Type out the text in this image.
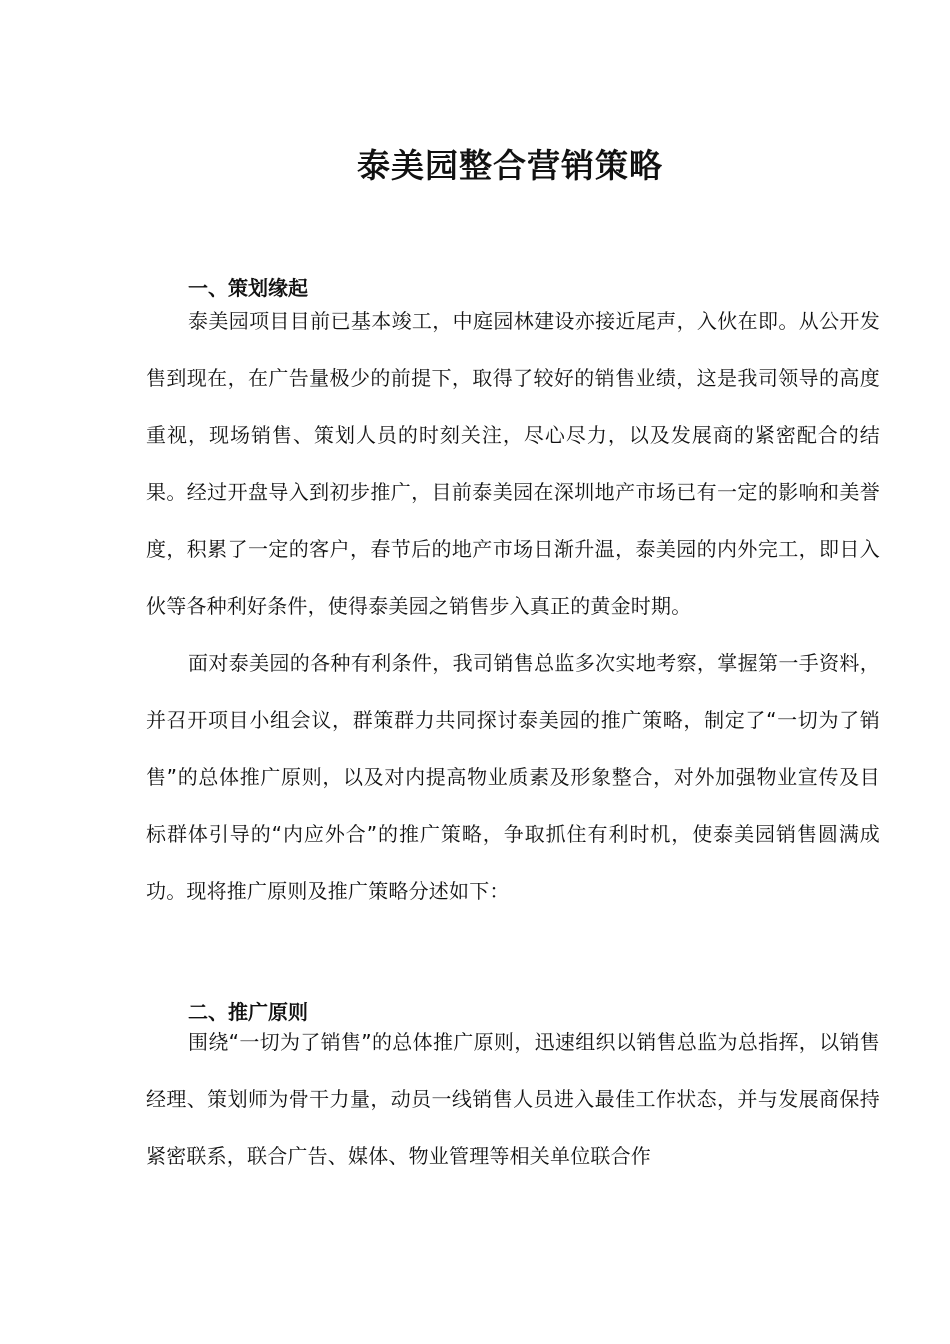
泰美园整合营销策略
一、策划缘起

泰美园项目目前已基本竣工，中庭园林建设亦接近尾声，入伙在即。从公开发售到现在，在广告量极少的前提下，取得了较好的销售业绩，这是我司领导的高度重视，现场销售、策划人员的时刻关注，尽心尽力，以及发展商的紧密配合的结果。经过开盘导入到初步推广，目前泰美园在深圳地产市场已有一定的影响和美誉度，积累了一定的客户，春节后的地产市场日渐升温，泰美园的内外完工，即日入伙等各种利好条件，使得泰美园之销售步入真正的黄金时期。

面对泰美园的各种有利条件，我司销售总监多次实地考察，掌握第一手资料，并召开项目小组会议，群策群力共同探讨泰美园的推广策略，制定了“一切为了销售”的总体推广原则，以及对内提高物业质素及形象整合，对外加强物业宣传及目标群体引导的“内应外合”的推广策略，争取抓住有利时机，使泰美园销售圆满成功。现将推广原则及推广策略分述如下：

二、推广原则

围绕“一切为了销售”的总体推广原则，迅速组织以销售总监为总指挥，以销售经理、策划师为骨干力量，动员一线销售人员进入最佳工作状态，并与发展商保持紧密联系，联合广告、媒体、物业管理等相关单位联合作
